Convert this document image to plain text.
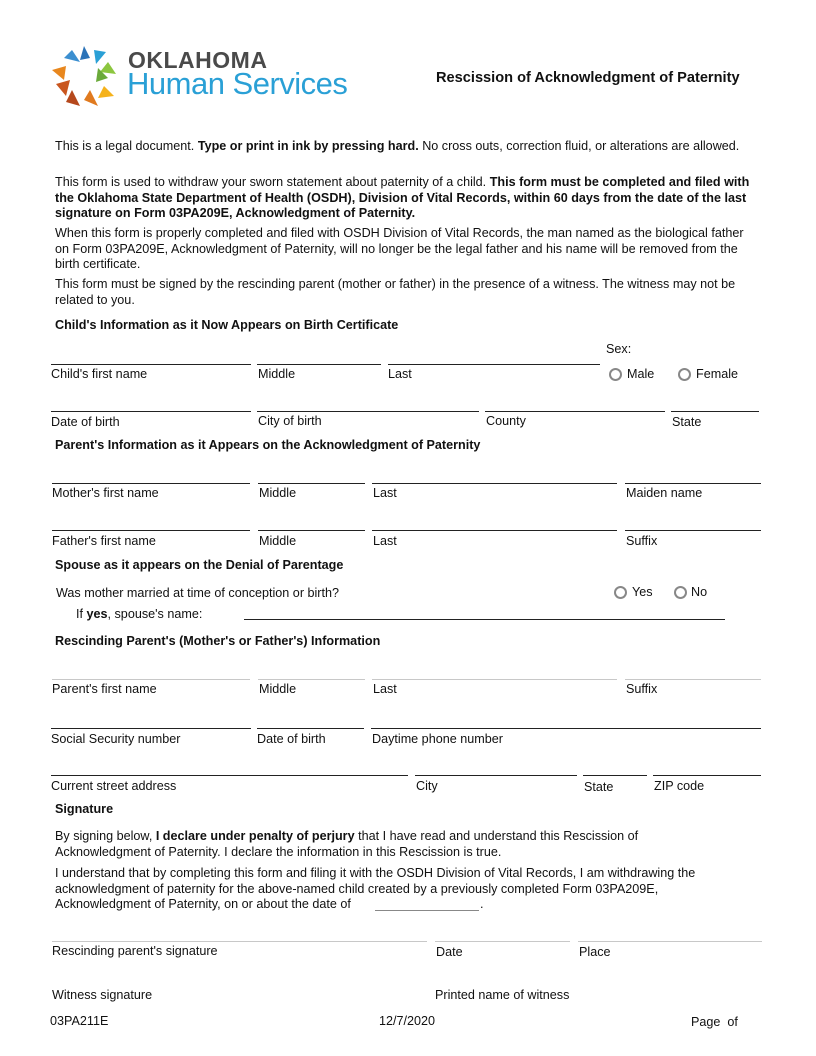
OKLAHOMA
Human Services	Rescission of Acknowledgment of Paternity
This is a legal document. Type or print in ink by pressing hard. No cross outs, correction fluid, or alterations are allowed.
This form is used to withdraw your sworn statement about paternity of a child. This form must be completed and filed with the Oklahoma State Department of Health (OSDH), Division of Vital Records, within 60 days from the date of the last signature on Form 03PA209E, Acknowledgment of Paternity.
When this form is properly completed and filed with OSDH Division of Vital Records, the man named as the biological father on Form 03PA209E, Acknowledgment of Paternity, will no longer be the legal father and his name will be removed from the birth certificate.
This form must be signed by the rescinding parent (mother or father) in the presence of a witness. The witness may not be related to you.
Child's Information as it Now Appears on Birth Certificate
Sex:
Child's first name	Middle	Last	Male	Female
Date of birth	City of birth	County	State
Parent's Information as it Appears on the Acknowledgment of Paternity
Mother's first name	Middle	Last	Maiden name
Father's first name	Middle	Last	Suffix
Spouse as it appears on the Denial of Parentage
Was mother married at time of conception or birth?	Yes	No
If yes, spouse's name:
Rescinding Parent's (Mother's or Father's) Information
Parent's first name	Middle	Last	Suffix
Social Security number	Date of birth	Daytime phone number
Current street address	City	State	ZIP code
Signature
By signing below, I declare under penalty of perjury that I have read and understand this Rescission of Acknowledgment of Paternity. I declare the information in this Rescission is true.
I understand that by completing this form and filing it with the OSDH Division of Vital Records, I am withdrawing the acknowledgment of paternity for the above-named child created by a previously completed Form 03PA209E, Acknowledgment of Paternity, on or about the date of	.
Rescinding parent's signature	Date	Place
Witness signature	Printed name of witness
03PA211E	12/7/2020	Page of
